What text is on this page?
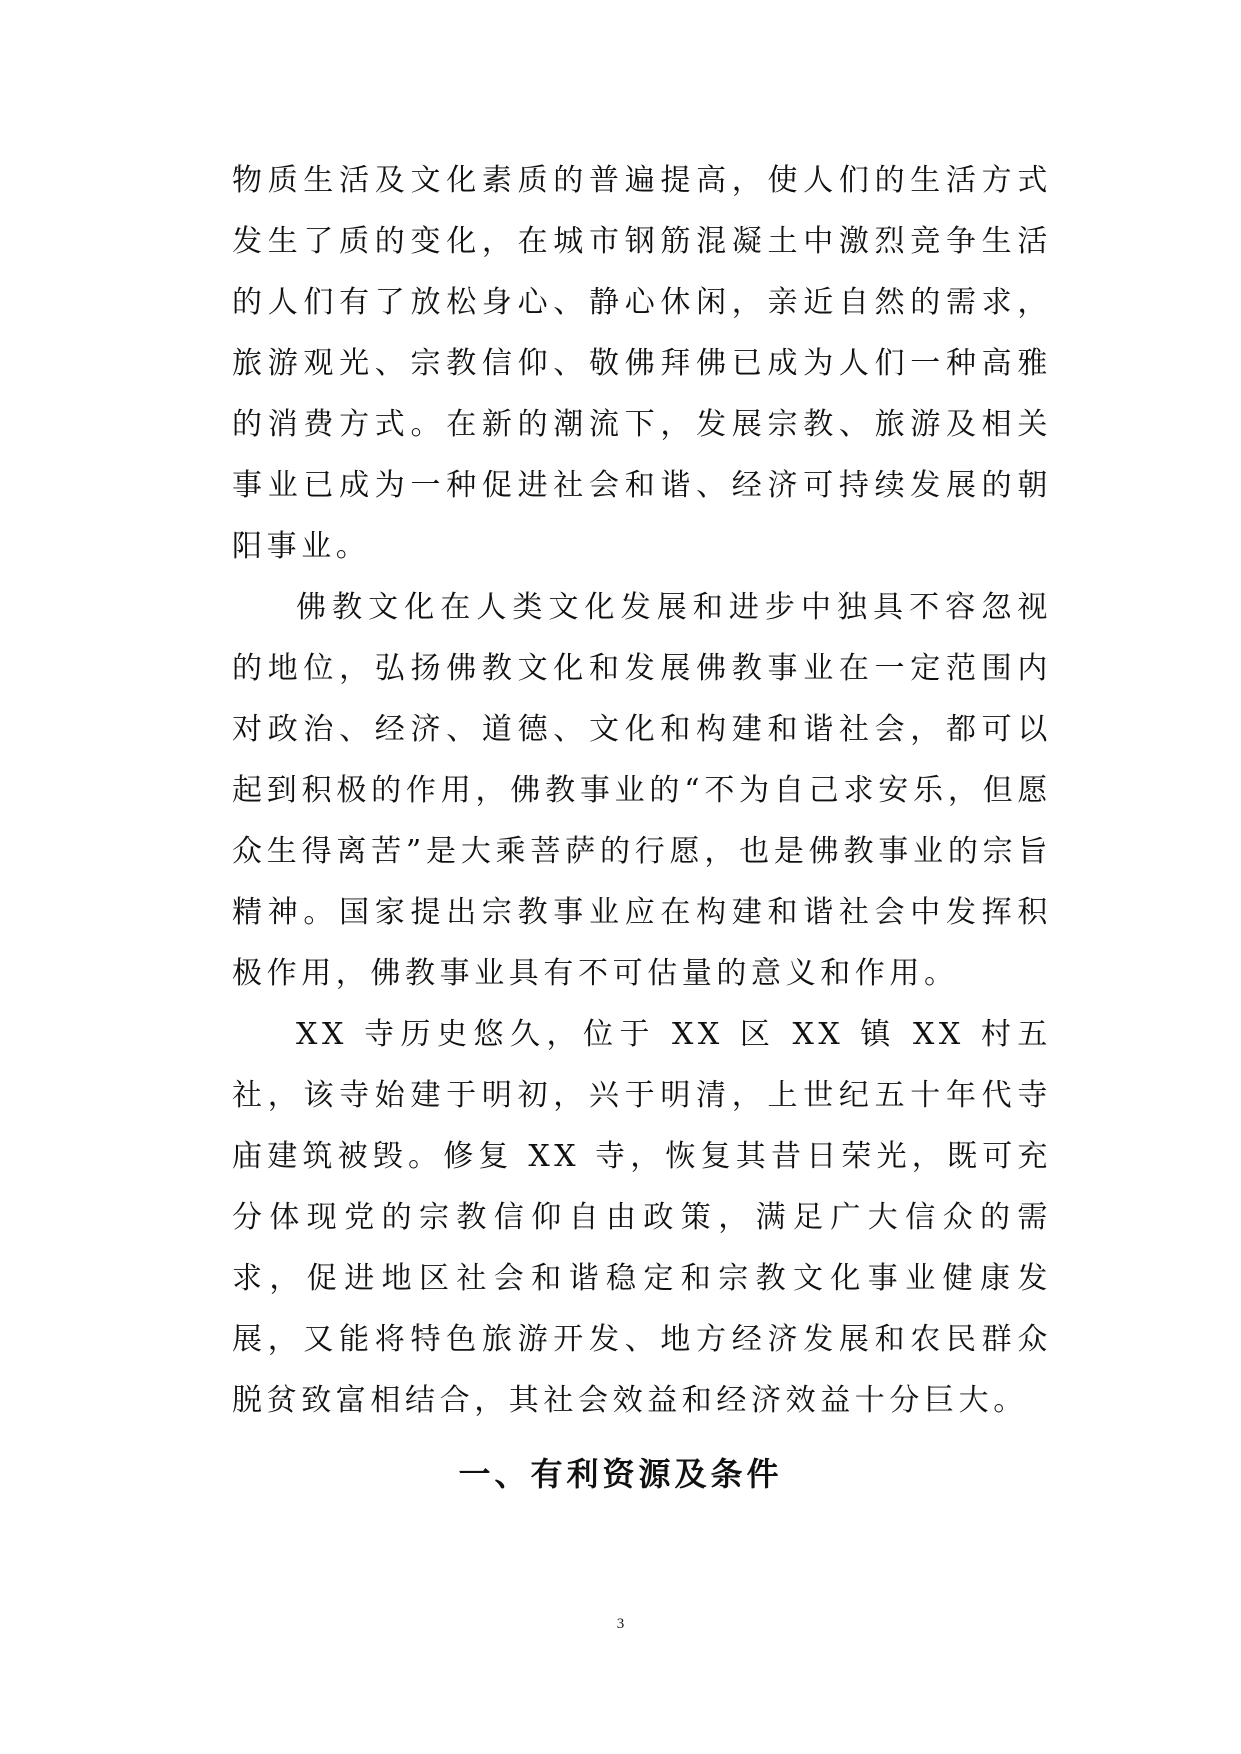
物质生活及文化素质的普遍提高，使人们的生活方式发生了质的变化，在城市钢筋混凝土中激烈竞争生活的人们有了放松身心、静心休闲，亲近自然的需求，旅游观光、宗教信仰、敬佛拜佛已成为人们一种高雅的消费方式。在新的潮流下，发展宗教、旅游及相关事业已成为一种促进社会和谐、经济可持续发展的朝阳事业。

佛教文化在人类文化发展和进步中独具不容忽视的地位，弘扬佛教文化和发展佛教事业在一定范围内对政治、经济、道德、文化和构建和谐社会，都可以起到积极的作用，佛教事业的“不为自己求安乐，但愿众生得离苦”是大乘菩萨的行愿，也是佛教事业的宗旨精神。国家提出宗教事业应在构建和谐社会中发挥积极作用，佛教事业具有不可估量的意义和作用。

XX 寺历史悠久，位于 XX 区 XX 镇 XX 村五社，该寺始建于明初，兴于明清，上世纪五十年代寺庙建筑被毁。修复 XX 寺，恢复其昔日荣光，既可充分体现党的宗教信仰自由政策，满足广大信众的需求，促进地区社会和谐稳定和宗教文化事业健康发展，又能将特色旅游开发、地方经济发展和农民群众脱贫致富相结合，其社会效益和经济效益十分巨大。

一、有利资源及条件
3
